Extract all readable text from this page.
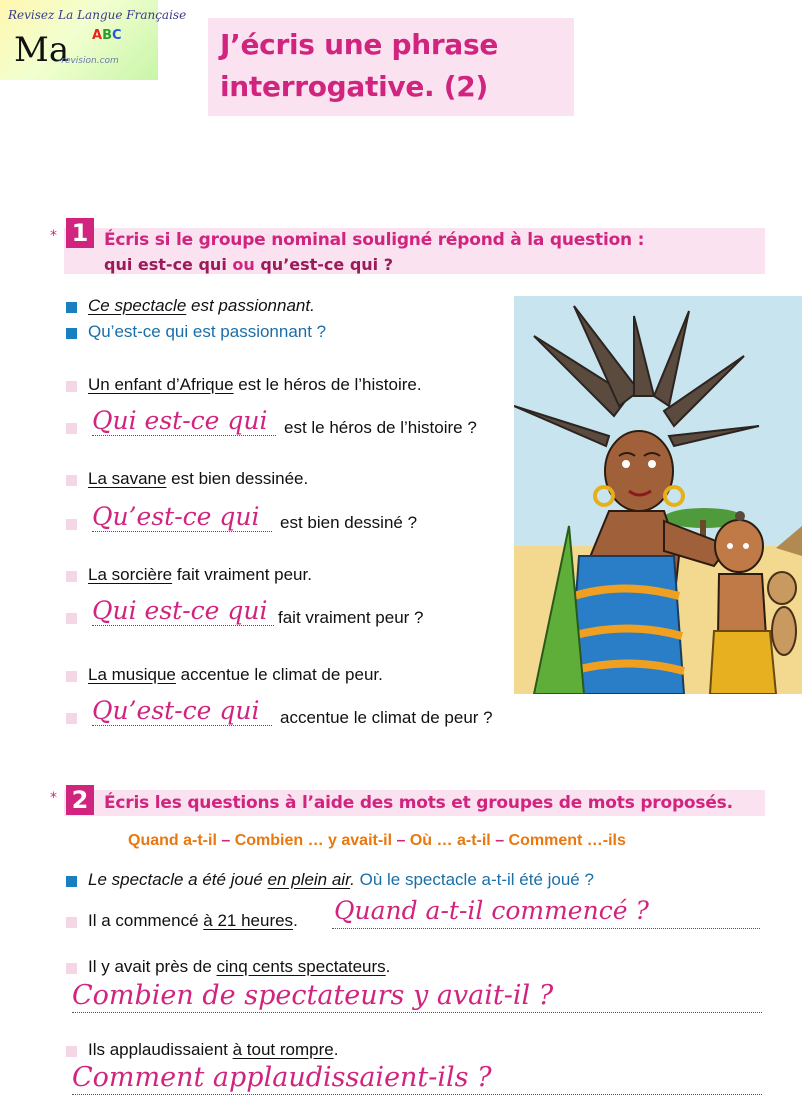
Revisez La Langue Française
Ma ABC
-revision.com	J’écris une phrase
interrogative. (2)
* 1 Écris si le groupe nominal souligné répond à la question :
qui est-ce qui ou qu’est-ce qui ?
Ce spectacle est passionnant.
Qu’est-ce qui est passionnant ?
Un enfant d’Afrique est le héros de l’histoire.
Qui est-ce qui est le héros de l’histoire ?
La savane est bien dessinée.
Qu’est-ce qui	est bien dessiné ?
La sorcière fait vraiment peur.
Qui est-ce qui fait vraiment peur ?
La musique accentue le climat de peur.
Qu’est-ce qui	accentue le climat de peur ?
* 2 Écris les questions à l’aide des mots et groupes de mots proposés.
Quand a-t-il – Combien … y avait-il – Où … a-t-il – Comment …-ils
Le spectacle a été joué en plein air. Où le spectacle a-t-il été joué ?
Il a commencé à 21 heures. Quand a-t-il commencé ?
Il y avait près de cinq cents spectateurs.
Combien de spectateurs y avait-il ?
Ils applaudissaient à tout rompre.
Comment applaudissaient-ils ?
